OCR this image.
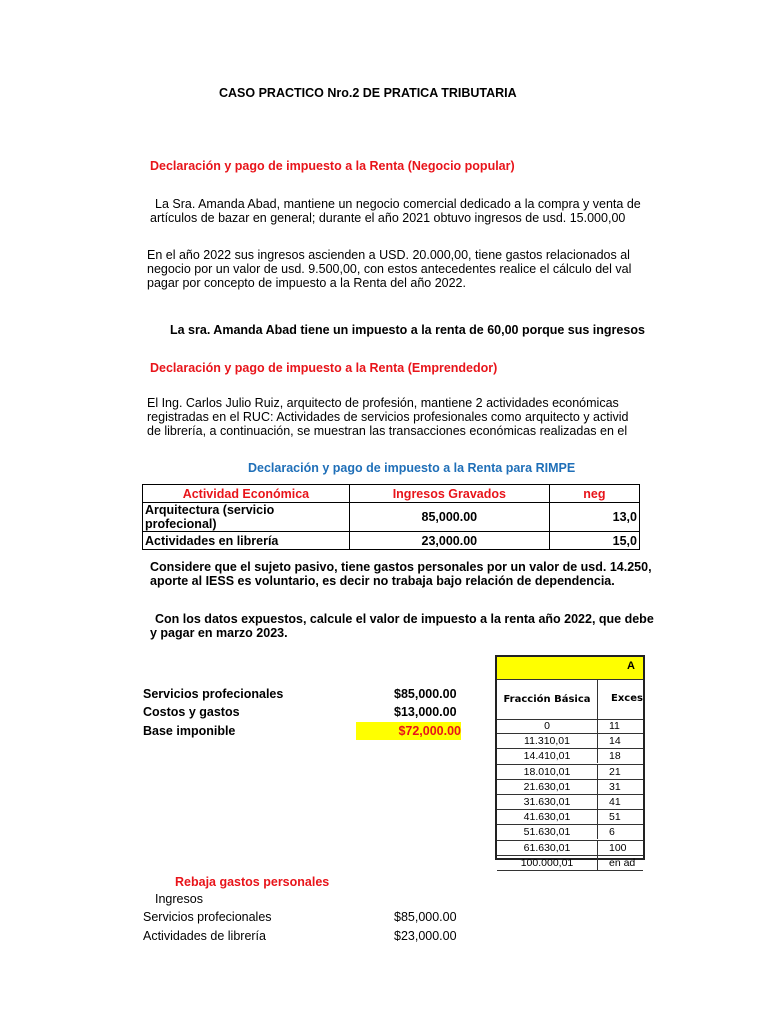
CASO PRACTICO Nro.2 DE PRATICA TRIBUTARIA
Declaración y pago de impuesto a la Renta (Negocio popular)
La Sra. Amanda Abad, mantiene un negocio comercial dedicado a la compra y venta de
artículos de bazar en general; durante el año 2021 obtuvo ingresos de usd. 15.000,00
En el año 2022 sus ingresos ascienden a USD. 20.000,00, tiene gastos relacionados al
negocio por un valor de usd. 9.500,00, con estos antecedentes realice el cálculo del val
pagar por concepto de impuesto a la Renta del año 2022.
La sra. Amanda Abad tiene un impuesto a la renta de 60,00 porque sus ingresos
Declaración y pago de impuesto a la Renta (Emprendedor)
El Ing. Carlos Julio Ruiz, arquitecto de profesión, mantiene 2 actividades económicas
registradas en el RUC: Actividades de servicios profesionales como arquitecto y activid
de librería, a continuación, se muestran las transacciones económicas realizadas en el
Declaración y pago de impuesto a la Renta para RIMPE
Actividad Económica	Ingresos Gravados	neg
Arquitectura (servicio profecional)	85,000.00	13,0
Actividades en librería	23,000.00	15,0
Considere que el sujeto pasivo, tiene gastos personales por un valor de usd. 14.250,
aporte al IESS es voluntario, es decir no trabaja bajo relación de dependencia.
Con los datos expuestos, calcule el valor de impuesto a la renta año 2022, que debe
y pagar en marzo 2023.
Servicios profecionales	$85,000.00
Costos y gastos	$13,000.00
Base imponible	$72,000.00
A
Fracción Básica	Exces
0	11
11.310,01	14
14.410,01	18
18.010,01	21
21.630,01	31
31.630,01	41
41.630,01	51
51.630,01	6
61.630,01	100
100.000,01	en ad
Rebaja gastos personales
Ingresos
Servicios profecionales	$85,000.00
Actividades de librería	$23,000.00
